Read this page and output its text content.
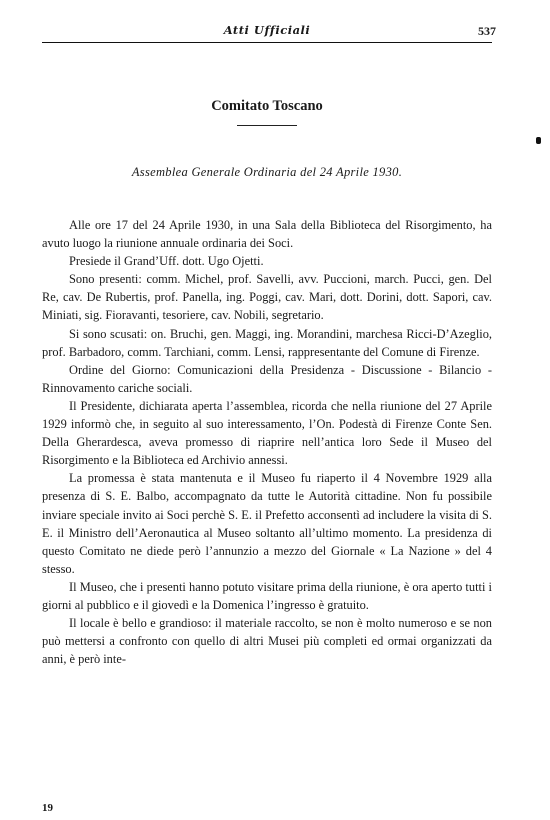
Atti Ufficiali	537
Comitato Toscano
Assemblea Generale Ordinaria del 24 Aprile 1930.

Alle ore 17 del 24 Aprile 1930, in una Sala della Biblioteca del Risorgimento, ha avuto luogo la riunione annuale ordinaria dei Soci.

Presiede il Grand’Uff. dott. Ugo Ojetti.

Sono presenti: comm. Michel, prof. Savelli, avv. Puccioni, march. Pucci, gen. Del Re, cav. De Rubertis, prof. Panella, ing. Poggi, cav. Mari, dott. Dorini, dott. Sapori, cav. Miniati, sig. Fioravanti, tesoriere, cav. Nobili, segretario.

Si sono scusati: on. Bruchi, gen. Maggi, ing. Morandini, marchesa Ricci-D’Azeglio, prof. Barbadoro, comm. Tarchiani, comm. Lensi, rappresentante del Comune di Firenze.

Ordine del Giorno: Comunicazioni della Presidenza - Discussione - Bilancio - Rinnovamento cariche sociali.

Il Presidente, dichiarata aperta l’assemblea, ricorda che nella riunione del 27 Aprile 1929 informò che, in seguito al suo interessamento, l’On. Podestà di Firenze Conte Sen. Della Gherardesca, aveva promesso di riaprire nell’antica loro Sede il Museo del Risorgimento e la Biblioteca ed Archivio annessi.

La promessa è stata mantenuta e il Museo fu riaperto il 4 Novembre 1929 alla presenza di S. E. Balbo, accompagnato da tutte le Autorità cittadine. Non fu possibile inviare speciale invito ai Soci perchè S. E. il Prefetto acconsentì ad includere la visita di S. E. il Ministro dell’Aeronautica al Museo soltanto all’ultimo momento. La presidenza di questo Comitato ne diede però l’annunzio a mezzo del Giornale « La Nazione » del 4 stesso.

Il Museo, che i presenti hanno potuto visitare prima della riunione, è ora aperto tutti i giorni al pubblico e il giovedì e la Domenica l’ingresso è gratuito.

Il locale è bello e grandioso: il materiale raccolto, se non è molto numeroso e se non può mettersi a confronto con quello di altri Musei più completi ed ormai organizzati da anni, è però inte-

19
